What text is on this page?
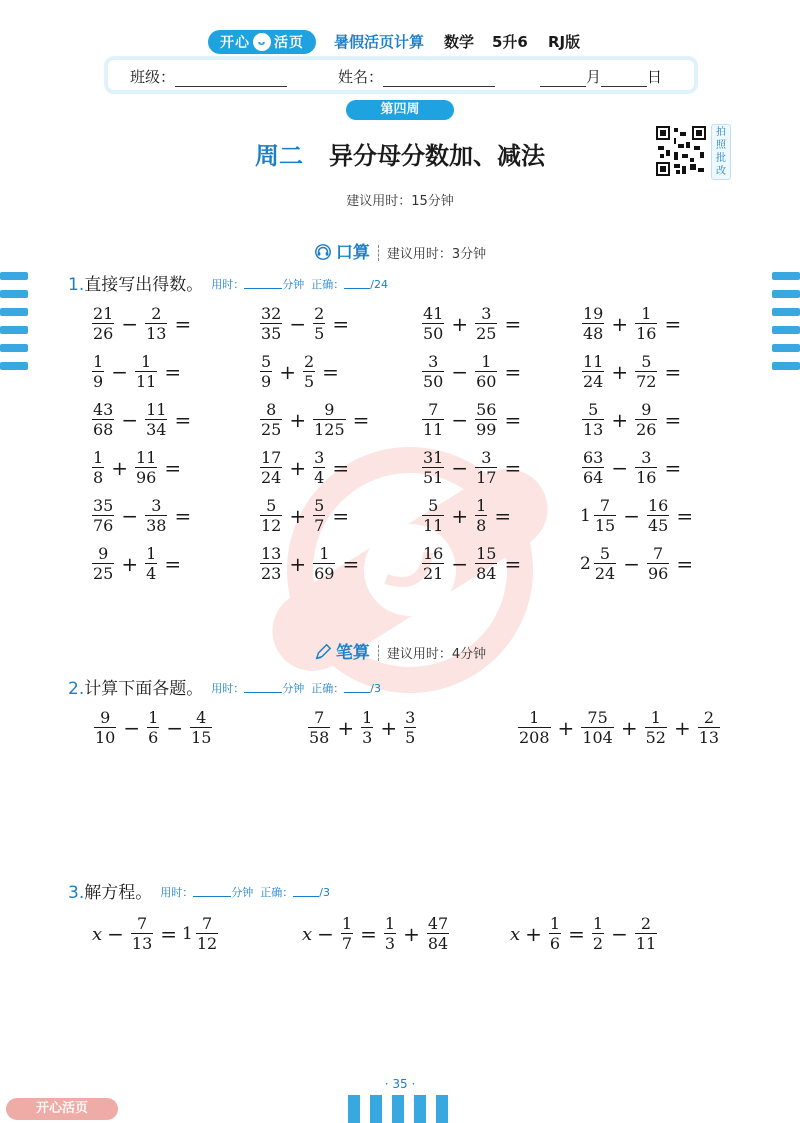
开心 ᴗ 活页 暑假活页计算 数学 5升6 RJ版
班级：	姓名：	月	日
第四周
周二 异分母分数加、减法
建议用时：15分钟
拍
照
批
改
口算 建议用时：3分钟
1.直接写出得数。 用时：	分钟 正确： /24
$\frac{21}{26} - \frac{2}{13}$ =	$\frac{32}{35} - \frac{2}{5}$ =	$\frac{41}{50} + \frac{3}{25}$ =	$\frac{19}{48} + \frac{1}{16}$ =
$\frac{1}{9} - \frac{1}{11}$ =	$\frac{5}{9} + \frac{2}{5}$ =	$\frac{3}{50} - \frac{1}{60}$ =	$\frac{11}{24} + \frac{5}{72}$ =
$\frac{43}{68} - \frac{11}{34}$ =	$\frac{8}{25} + \frac{9}{125}$ =	$\frac{7}{11} - \frac{56}{99}$ =	$\frac{5}{13} + \frac{9}{26}$ =
$\frac{1}{8} + \frac{11}{96}$ =	$\frac{17}{24} + \frac{3}{4}$ =	$\frac{31}{51} - \frac{3}{17}$ =	$\frac{63}{64} - \frac{3}{16}$ =
$\frac{35}{76} - \frac{3}{38}$ =	$\frac{5}{12} + \frac{5}{7}$ =	$\frac{5}{11} + \frac{1}{8}$ =	$1 \frac{7}{15} - \frac{16}{45}$ =
$\frac{9}{25} + \frac{1}{4}$ =	$\frac{13}{23} + \frac{1}{69}$ =	$\frac{16}{21} - \frac{15}{84}$ =	$2 \frac{5}{24} - \frac{7}{96}$ =
笔算 建议用时：4分钟
2.计算下面各题。 用时：	分钟 正确： /3
$\frac{9}{10} - \frac{1}{6} - \frac{4}{15}$	$\frac{7}{58} + \frac{1}{3} + \frac{3}{5}$	$\frac{1}{208} + \frac{75}{104} + \frac{1}{52} + \frac{2}{13}$
3.解方程。 用时：	分钟 正确： /3
$x - \frac{7}{13} = 1 \frac{7}{12}$	$x - \frac{1}{7} = \frac{1}{3} + \frac{47}{84}$	$x + \frac{1}{6} = \frac{1}{2} - \frac{2}{11}$
· 35 ·
开心活页
